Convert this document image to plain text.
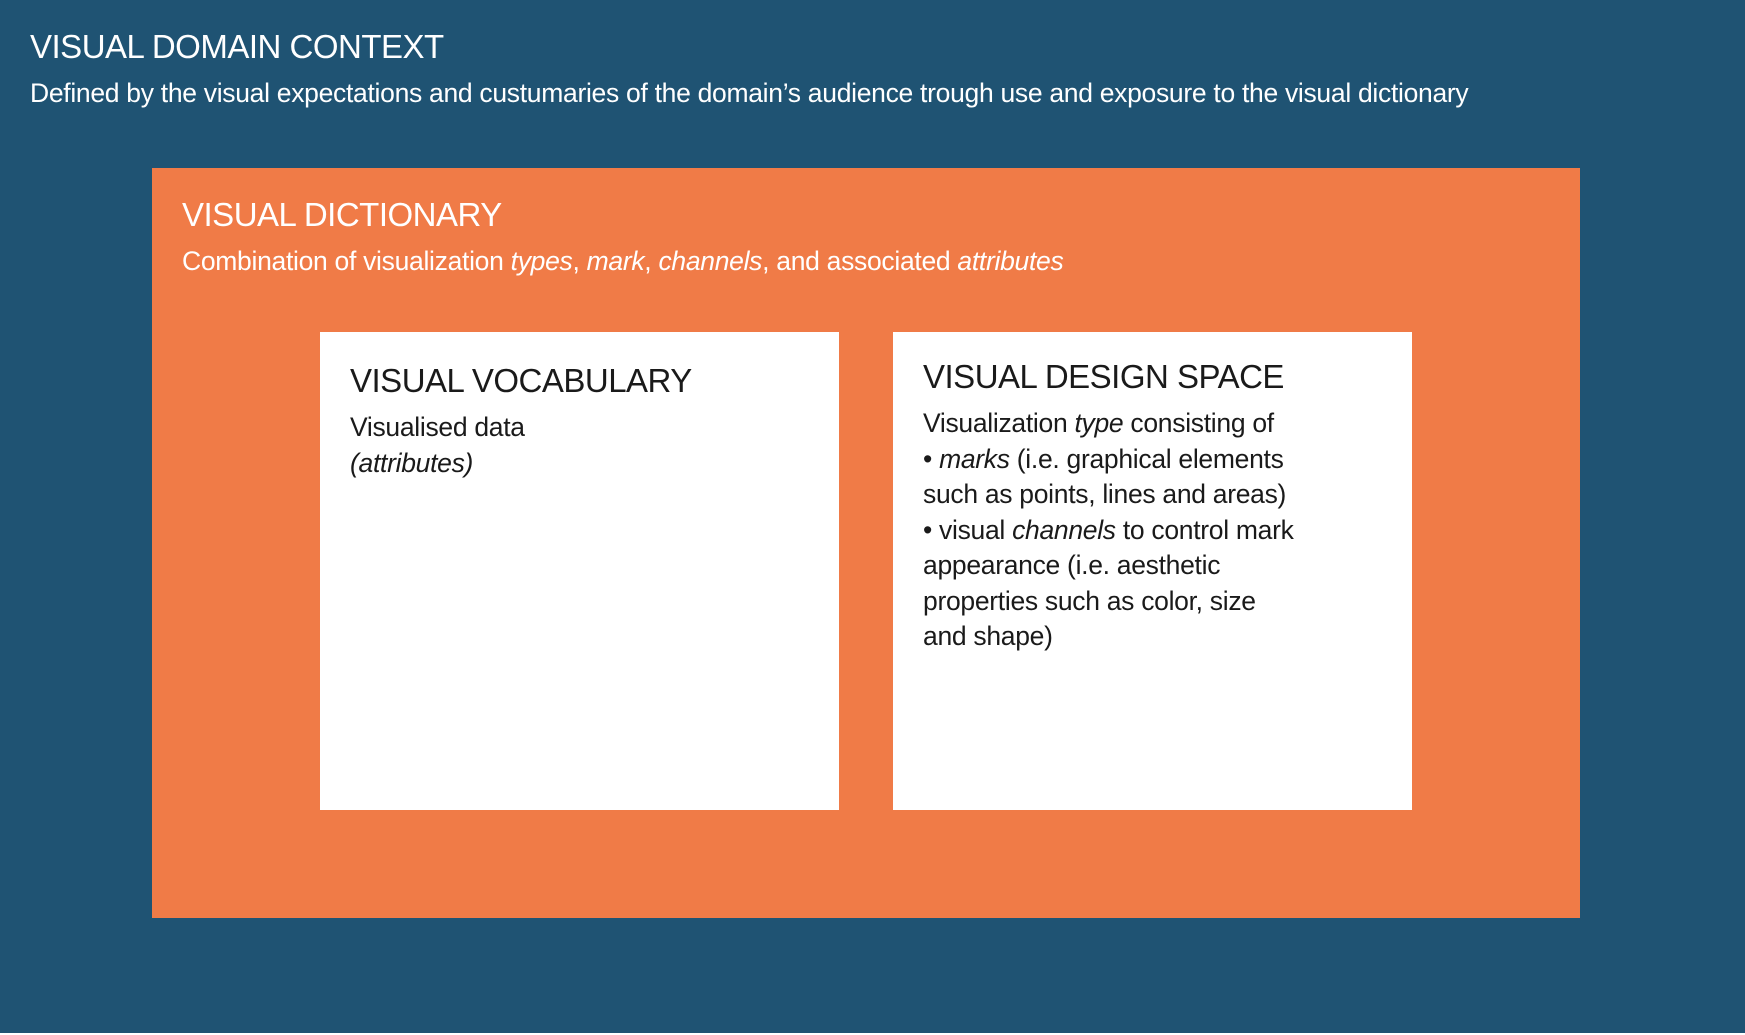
VISUAL DOMAIN CONTEXT

Defined by the visual expectations and custumaries of the domain’s audience trough use and exposure to the visual dictionary

VISUAL DICTIONARY

Combination of visualization types, mark, channels, and associated attributes

VISUAL VOCABULARY
Visualised data
(attributes)
VISUAL DESIGN SPACE
Visualization type consisting of
• marks (i.e. graphical elements
such as points, lines and areas)
• visual channels to control mark
appearance (i.e. aesthetic
properties such as color, size
and shape)
